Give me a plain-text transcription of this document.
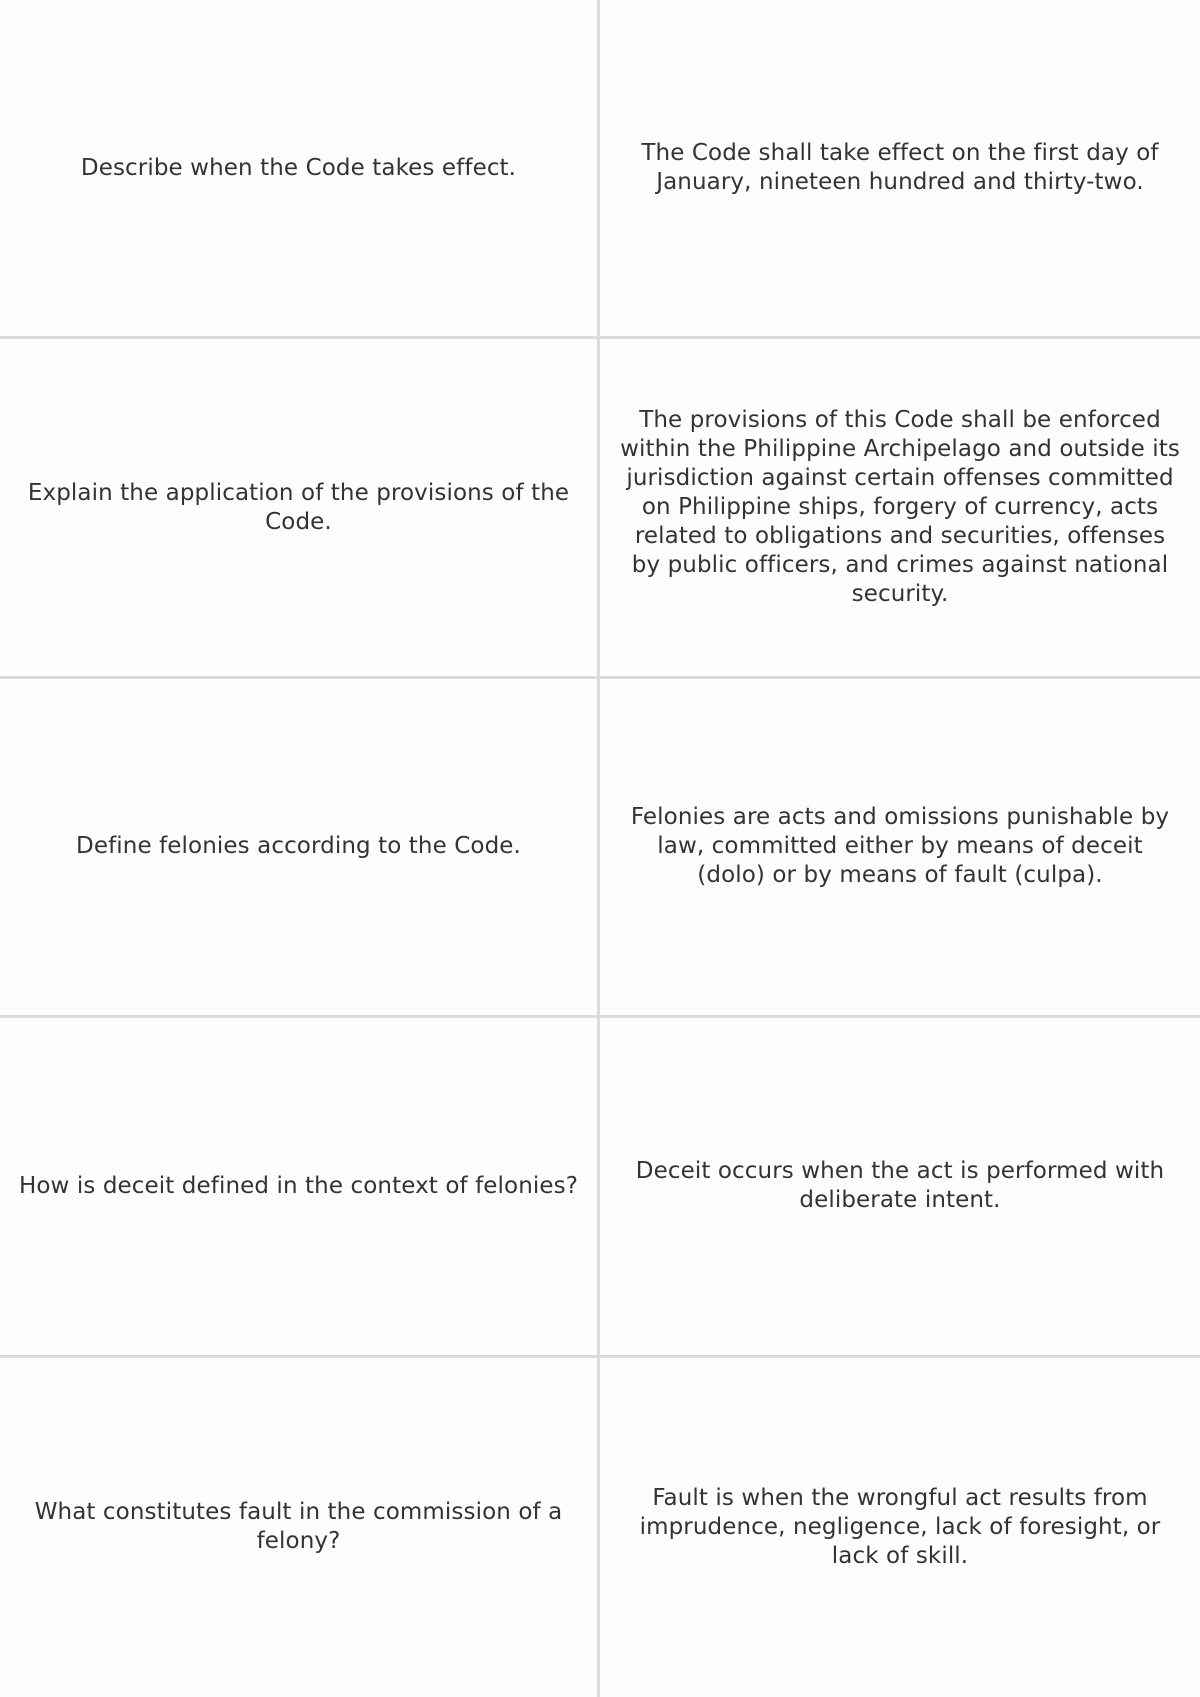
Describe when the Code takes effect.
The Code shall take effect on the first day of January, nineteen hundred and thirty-two.
Explain the application of the provisions of the Code.
The provisions of this Code shall be enforced within the Philippine Archipelago and outside its jurisdiction against certain offenses committed on Philippine ships, forgery of currency, acts related to obligations and securities, offenses by public officers, and crimes against national security.
Define felonies according to the Code.
Felonies are acts and omissions punishable by law, committed either by means of deceit (dolo) or by means of fault (culpa).
How is deceit defined in the context of felonies?
Deceit occurs when the act is performed with deliberate intent.
What constitutes fault in the commission of a felony?
Fault is when the wrongful act results from imprudence, negligence, lack of foresight, or lack of skill.
